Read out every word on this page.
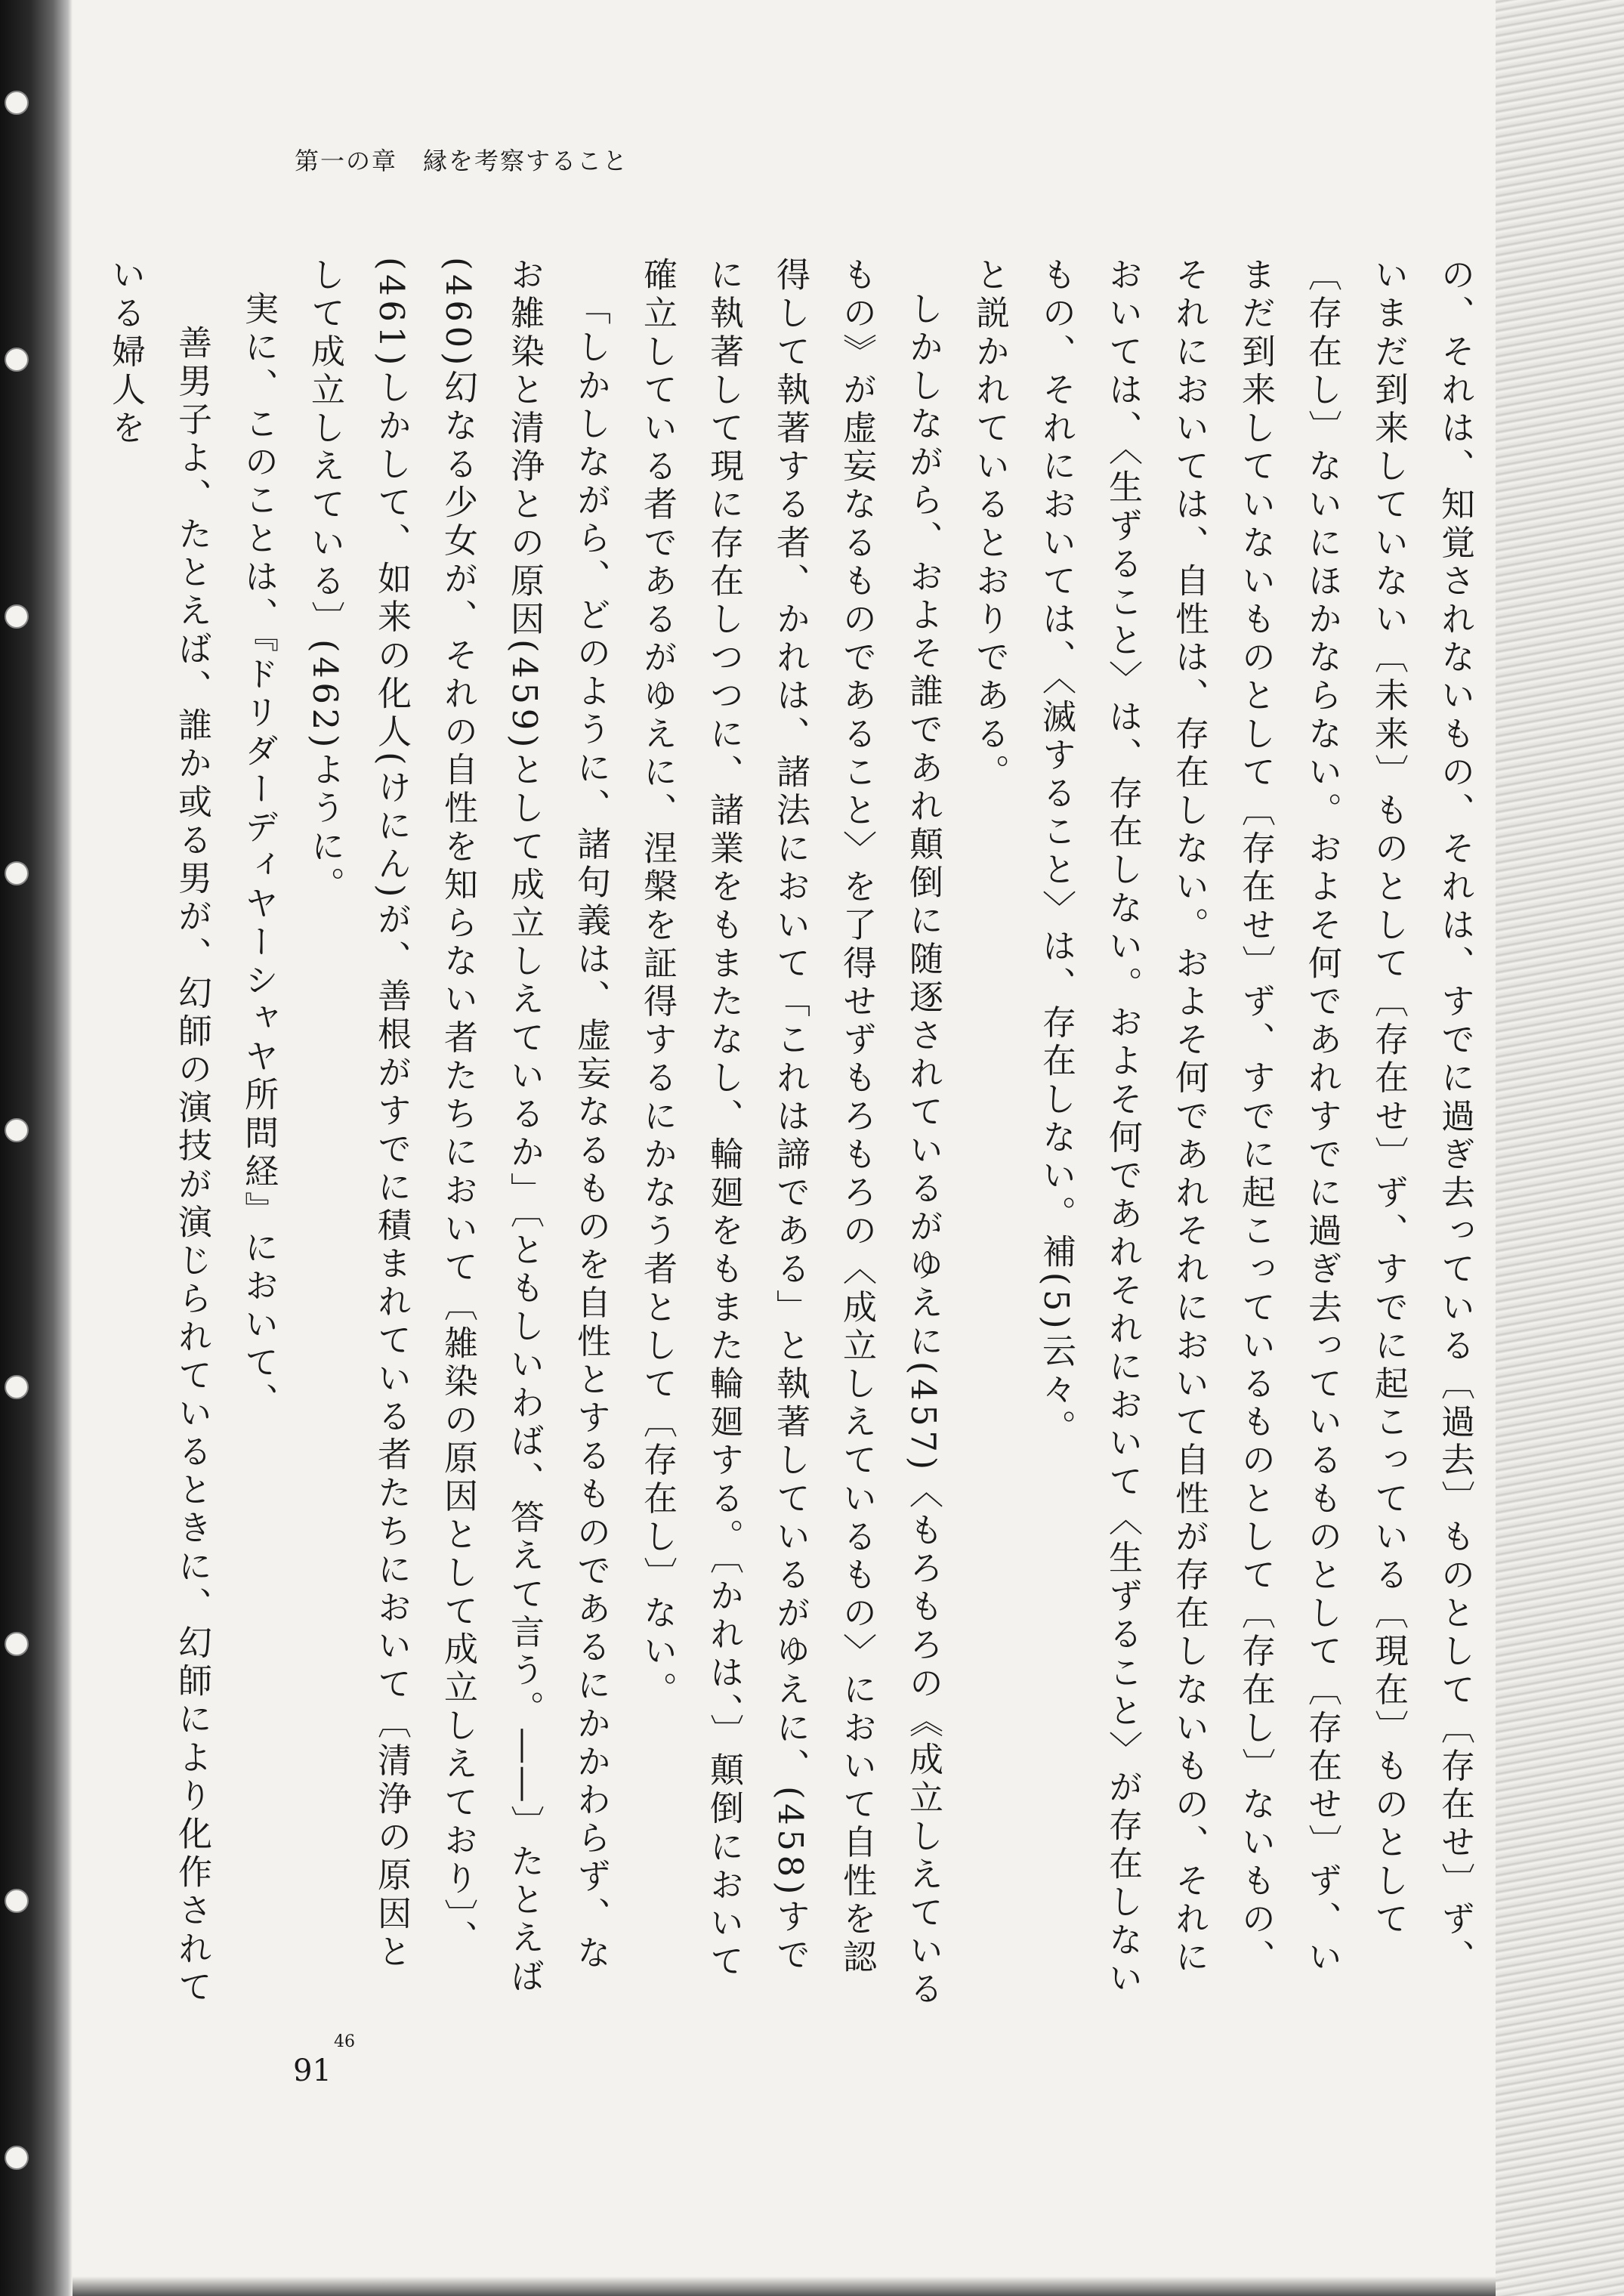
第一の章　縁を考察すること

の、それは、知覚されないもの、それは、すでに過ぎ去っている〔過去〕ものとして〔存在せ〕ず、いまだ到来していない〔未来〕ものとして〔存在せ〕ず、すでに起こっている〔現在〕ものとして〔存在し〕ないにほかならない。およそ何であれすでに過ぎ去っているものとして〔存在せ〕ず、いまだ到来していないものとして〔存在せ〕ず、すでに起こっているものとして〔存在し〕ないもの、それにおいては、自性は、存在しない。およそ何であれそれにおいて自性が存在しないもの、それにおいては、〈生ずること〉は、存在しない。およそ何であれそれにおいて〈生ずること〉が存在しないもの、それにおいては、〈滅すること〉は、存在しない。補(5)云々。

と説かれているとおりである。

しかしながら、およそ誰であれ顛倒に随逐されているがゆえに(457)〈もろもろの《成立しえているもの》が虚妄なるものであること〉を了得せずもろもろの〈成立しえているもの〉において自性を認得して執著する者、かれは、諸法において「これは諦である」と執著しているがゆえに、(458)すでに執著して現に存在しつつに、諸業をもまたなし、輪廻をもまた輪廻する。〔かれは、〕顛倒において確立している者であるがゆえに、涅槃を証得するにかなう者として〔存在し〕ない。

「しかしながら、どのように、諸句義は、虚妄なるものを自性とするものであるにかかわらず、なお雑染と清浄との原因(459)として成立しえているか」〔ともしいわば、答えて言う。――〕たとえば(460)幻なる少女が、それの自性を知らない者たちにおいて〔雑染の原因として成立しえており〕、(461)しかして、如来の化人(けにん)が、善根がすでに積まれている者たちにおいて〔清浄の原因として成立しえている〕(462)ように。

実に、このことは、『ドリダーディヤーシャヤ所問経』において、

善男子よ、たとえば、誰か或る男が、幻師の演技が演じられているときに、幻師により化作されている婦人を

91
46
